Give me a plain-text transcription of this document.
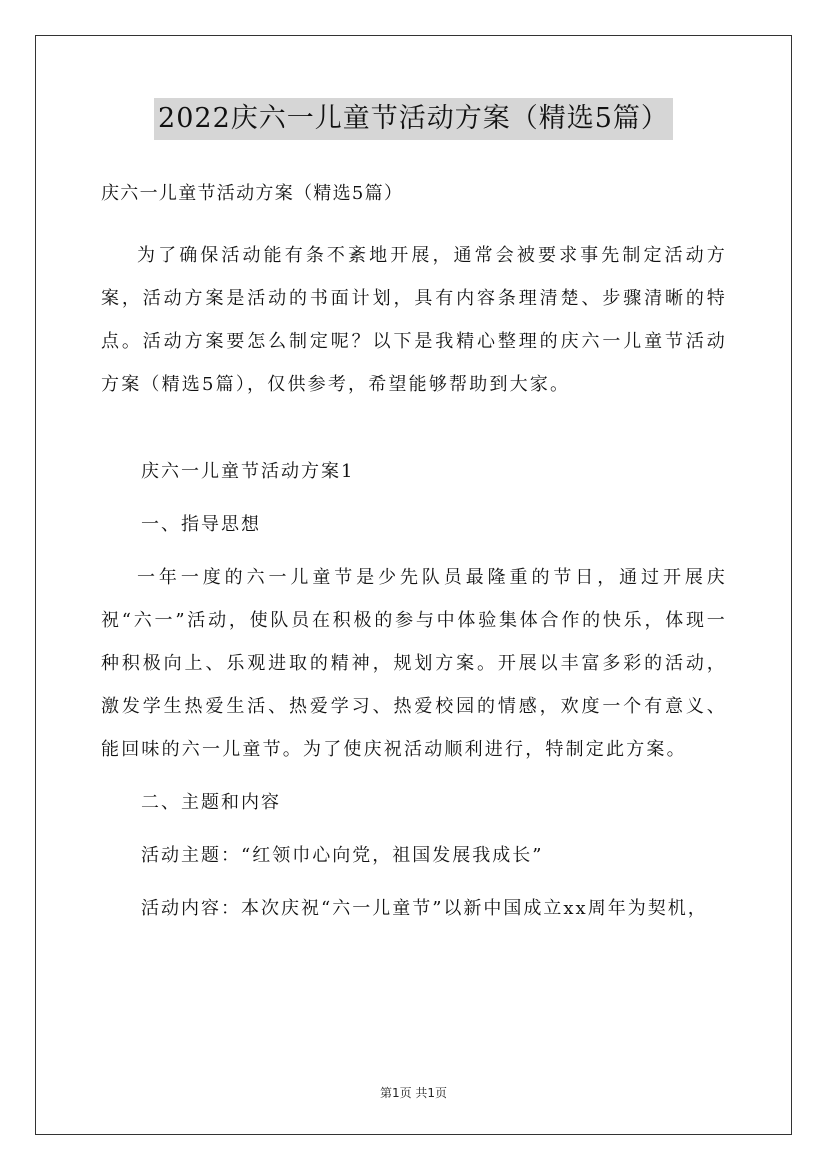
2022庆六一儿童节活动方案（精选5篇）
庆六一儿童节活动方案（精选5篇）

为了确保活动能有条不紊地开展，通常会被要求事先制定活动方案，活动方案是活动的书面计划，具有内容条理清楚、步骤清晰的特点。活动方案要怎么制定呢？以下是我精心整理的庆六一儿童节活动方案（精选5篇），仅供参考，希望能够帮助到大家。

庆六一儿童节活动方案1
一、指导思想

一年一度的六一儿童节是少先队员最隆重的节日，通过开展庆祝“六一”活动，使队员在积极的参与中体验集体合作的快乐，体现一种积极向上、乐观进取的精神，规划方案。开展以丰富多彩的活动，激发学生热爱生活、热爱学习、热爱校园的情感，欢度一个有意义、能回味的六一儿童节。为了使庆祝活动顺利进行，特制定此方案。

二、主题和内容
活动主题：“红领巾心向党，祖国发展我成长”
活动内容：本次庆祝“六一儿童节”以新中国成立xx周年为契机，
第1页 共1页
